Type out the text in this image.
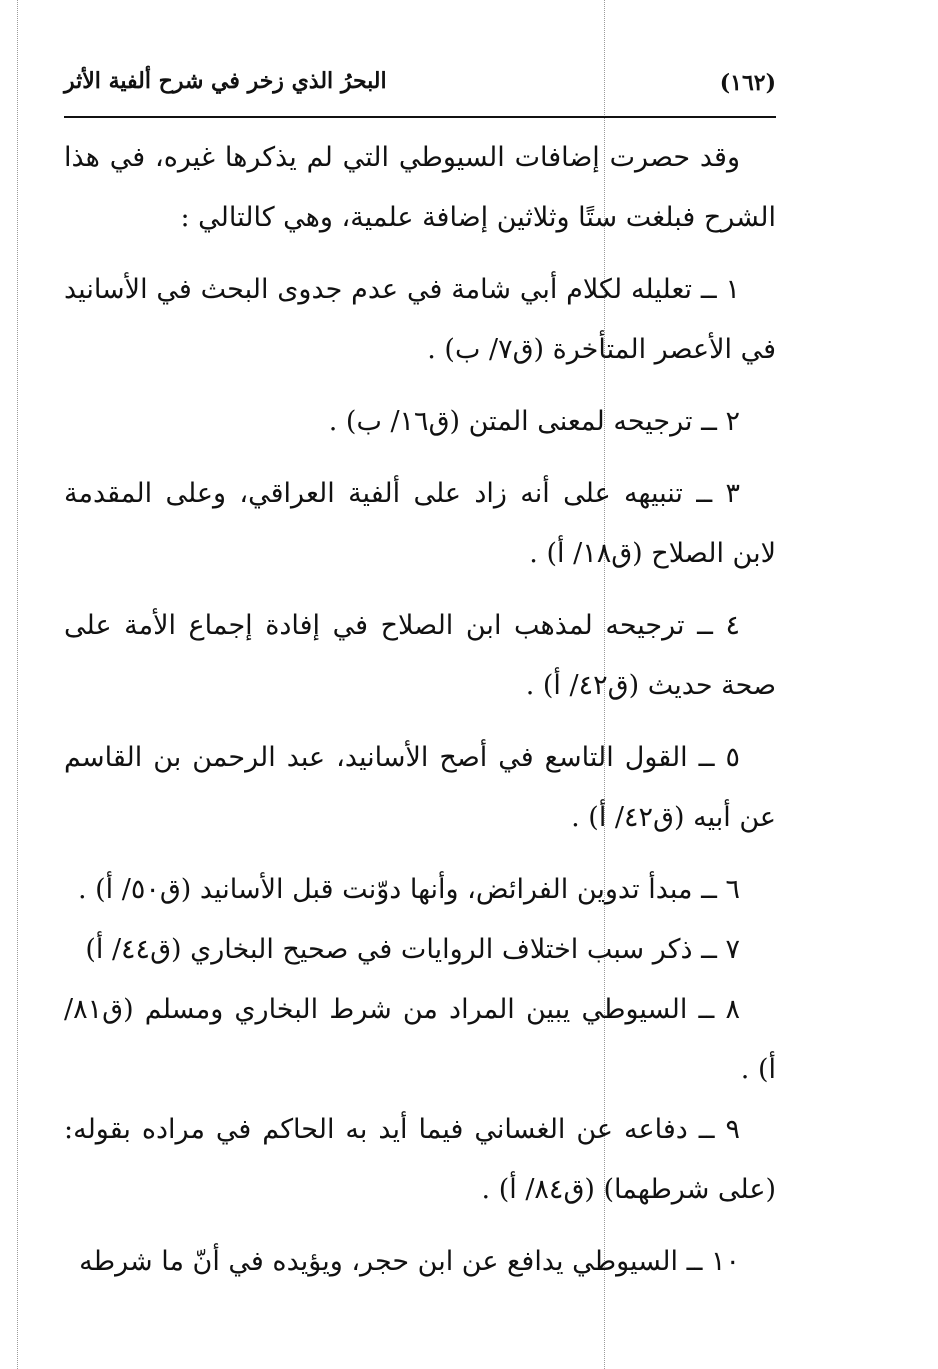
البحرُ الذي زخر في شرح ألفية الأثر	(١٦٢)

وقد حصرت إضافات السيوطي التي لم يذكرها غيره، في هذا الشرح فبلغت ستًا وثلاثين إضافة علمية، وهي كالتالي :

١ ــ تعليله لكلام أبي شامة في عدم جدوى البحث في الأسانيد في الأعصر المتأخرة (ق٧/ ب) .

٢ ــ ترجيحه لمعنى المتن (ق١٦/ ب) .

٣ ــ تنبيهه على أنه زاد على ألفية العراقي، وعلى المقدمة لابن الصلاح (ق١٨/ أ) .

٤ ــ ترجيحه لمذهب ابن الصلاح في إفادة إجماع الأمة على صحة حديث (ق٤٢/ أ) .

٥ ــ القول التاسع في أصح الأسانيد، عبد الرحمن بن القاسم عن أبيه (ق٤٢/ أ) .

٦ ــ مبدأ تدوين الفرائض، وأنها دوّنت قبل الأسانيد (ق٥٠/ أ) .

٧ ــ ذكر سبب اختلاف الروايات في صحيح البخاري (ق٤٤/ أ)

٨ ــ السيوطي يبين المراد من شرط البخاري ومسلم (ق٨١/ أ) .

٩ ــ دفاعه عن الغساني فيما أيد به الحاكم في مراده بقوله: (على شرطهما) (ق٨٤/ أ) .

١٠ ــ السيوطي يدافع عن ابن حجر، ويؤيده في أنّ ما شرطه
